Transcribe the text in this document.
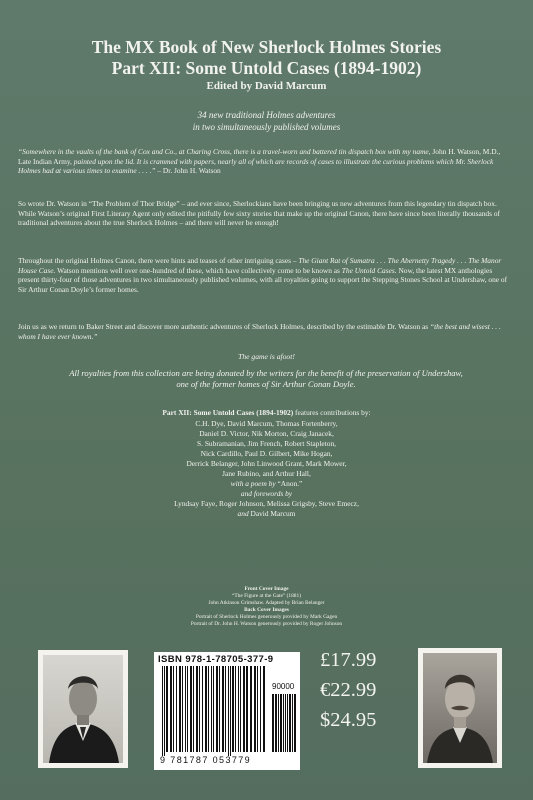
The MX Book of New Sherlock Holmes Stories
Part XII: Some Untold Cases (1894-1902)
Edited by David Marcum
34 new traditional Holmes adventures
in two simultaneously published volumes
“Somewhere in the vaults of the bank of Cox and Co., at Charing Cross, there is a travel-worn and battered tin dispatch box with my name, John H. Watson, M.D., Late Indian Army, painted upon the lid. It is crammed with papers, nearly all of which are records of cases to illustrate the curious problems which Mr. Sherlock Holmes had at various times to examine . . . .” – Dr. John H. Watson
So wrote Dr. Watson in “The Problem of Thor Bridge” – and ever since, Sherlockians have been bringing us new adventures from this legendary tin dispatch box. While Watson’s original First Literary Agent only edited the pitifully few sixty stories that make up the original Canon, there have since been literally thousands of traditional adventures about the true Sherlock Holmes – and there will never be enough!
Throughout the original Holmes Canon, there were hints and teases of other intriguing cases – The Giant Rat of Sumatra . . . The Abernetty Tragedy . . . The Manor House Case. Watson mentions well over one-hundred of these, which have collectively come to be known as The Untold Cases. Now, the latest MX anthologies present thirty-four of those adventures in two simultaneously published volumes, with all royalties going to support the Stepping Stones School at Undershaw, one of Sir Arthur Conan Doyle’s former homes.
Join us as we return to Baker Street and discover more authentic adventures of Sherlock Holmes, described by the estimable Dr. Watson as “the best and wisest . . . whom I have ever known.”
The game is afoot!
All royalties from this collection are being donated by the writers for the benefit of the preservation of Undershaw,
one of the former homes of Sir Arthur Conan Doyle.
Part XII: Some Untold Cases (1894-1902) features contributions by:
C.H. Dye, David Marcum, Thomas Fortenberry,
Daniel D. Victor, Nik Morton, Craig Janacek,
S. Subramanian, Jim French, Robert Stapleton,
Nick Cardillo, Paul D. Gilbert, Mike Hogan,
Derrick Belanger, John Linwood Grant, Mark Mower,
Jane Rubino, and Arthur Hall,
with a poem by “Anon.”
and forewords by
Lyndsay Faye, Roger Johnson, Melissa Grigsby, Steve Emecz,
and David Marcum
Front Cover Image
“The Figure at the Gate” (1881)
John Atkinson Grimshaw. Adapted by Brian Belanger
Back Cover Images
Portrait of Sherlock Holmes generously provided by Mark Gagen
Portrait of Dr. John H. Watson generously provided by Roger Johnson
ISBN 978-1-78705-377-9
90000
9 781787 053779
£17.99
€22.99
$24.95
